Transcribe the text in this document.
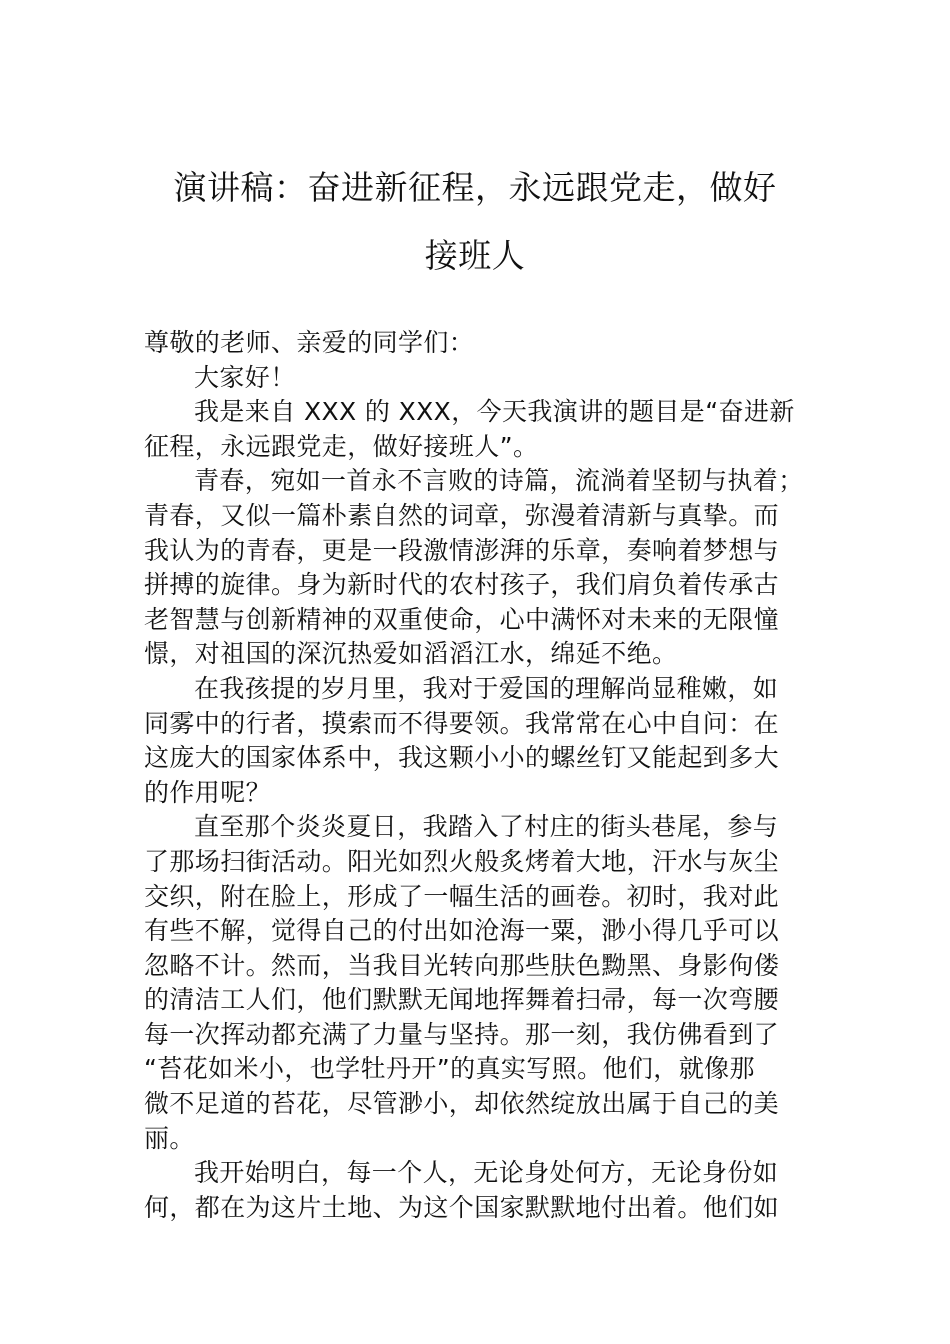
演讲稿：奋进新征程，永远跟党走，做好
接班人
尊敬的老师、亲爱的同学们：
大家好！
我是来自 XXX 的 XXX，今天我演讲的题目是“奋进新
征程，永远跟党走，做好接班人”。
青春，宛如一首永不言败的诗篇，流淌着坚韧与执着；
青春，又似一篇朴素自然的词章，弥漫着清新与真挚。而
我认为的青春，更是一段激情澎湃的乐章，奏响着梦想与
拼搏的旋律。身为新时代的农村孩子，我们肩负着传承古
老智慧与创新精神的双重使命，心中满怀对未来的无限憧
憬，对祖国的深沉热爱如滔滔江水，绵延不绝。
在我孩提的岁月里，我对于爱国的理解尚显稚嫩，如
同雾中的行者，摸索而不得要领。我常常在心中自问：在
这庞大的国家体系中，我这颗小小的螺丝钉又能起到多大
的作用呢？
直至那个炎炎夏日，我踏入了村庄的街头巷尾，参与
了那场扫街活动。阳光如烈火般炙烤着大地，汗水与灰尘
交织，附在脸上，形成了一幅生活的画卷。初时，我对此
有些不解，觉得自己的付出如沧海一粟，渺小得几乎可以
忽略不计。然而，当我目光转向那些肤色黝黑、身影佝偻
的清洁工人们，他们默默无闻地挥舞着扫帚，每一次弯腰
每一次挥动都充满了力量与坚持。那一刻，我仿佛看到了
“苔花如米小，也学牡丹开”的真实写照。他们，就像那
微不足道的苔花，尽管渺小，却依然绽放出属于自己的美
丽。
我开始明白，每一个人，无论身处何方，无论身份如
何，都在为这片土地、为这个国家默默地付出着。他们如
